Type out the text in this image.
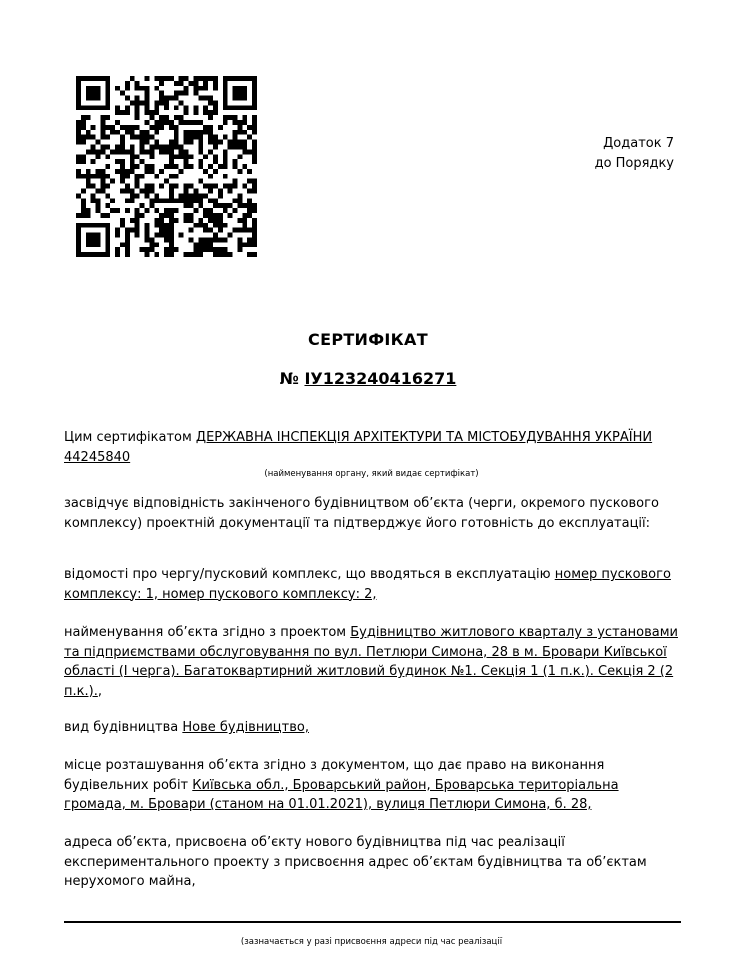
Додаток 7
до Порядку
СЕРТИФІКАТ
№ ІУ123240416271
Цим сертифікатом ДЕРЖАВНА ІНСПЕКЦІЯ АРХІТЕКТУРИ ТА МІСТОБУДУВАННЯ УКРАЇНИ 44245840
(найменування органу, який видає сертифікат)
засвідчує відповідність закінченого будівництвом об’єкта (черги, окремого пускового комплексу) проектній документації та підтверджує його готовність до експлуатації:
відомості про чергу/пусковий комплекс, що вводяться в експлуатацію номер пускового комплексу: 1, номер пускового комплексу: 2,
найменування об’єкта згідно з проектом Будівництво житлового кварталу з установами та підприємствами обслуговування по вул. Петлюри Симона, 28 в м. Бровари Київської області (І черга). Багатоквартирний житловий будинок №1. Секція 1 (1 п.к.). Секція 2 (2 п.к.).,
вид будівництва Нове будівництво,
місце розташування об’єкта згідно з документом, що дає право на виконання будівельних робіт Київська обл., Броварський район, Броварська територіальна громада, м. Бровари (станом на 01.01.2021), вулиця Петлюри Симона, б. 28,
адреса об’єкта, присвоєна об’єкту нового будівництва під час реалізації експериментального проекту з присвоєння адрес об’єктам будівництва та об’єктам нерухомого майна,
(зазначається у разі присвоєння адреси під час реалізації
